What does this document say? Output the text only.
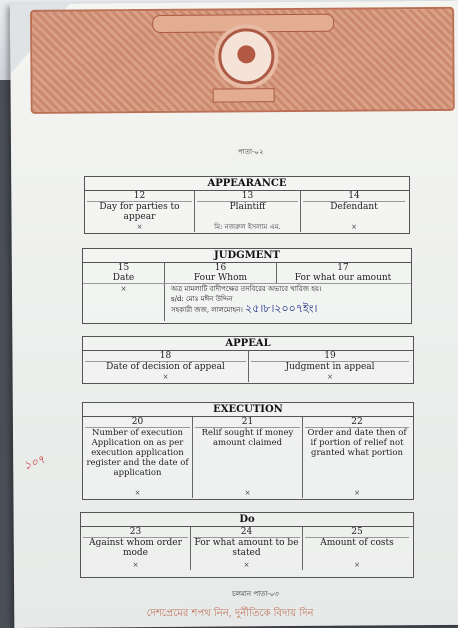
পাতা-০২
APPEARANCE
12
Day for parties to appear
×
13
Plaintiff
মি: নজরুল ইসলাম এম.
14
Defendant
×
JUDGMENT
15
Date
16
Four Whom
17
For what our amount
×	অত্র মামলাটি বাদীপক্ষের তদবিরের অভাবে খারিজ হয়।
s/d: মোঃ মঈন উদ্দিন
সহকারী জজ, লালমোহন। ২৫।৮।২০০৭ইং।
APPEAL
18
Date of decision of appeal
×
19
Judgment in appeal
×
EXECUTION
20
Number of execution Application on as per execution application register and the date of application
×
21
Relif sought if money amount claimed
×
22
Order and date then of if portion of relief not granted what portion
×
Do
23
Against whom order mode
×
24
For what amount to be stated
×
25
Amount of costs
×
১০৭
চলমান পাতা-০৩
দেশপ্রেমের শপথ নিন, দুর্নীতিকে বিদায় দিন
